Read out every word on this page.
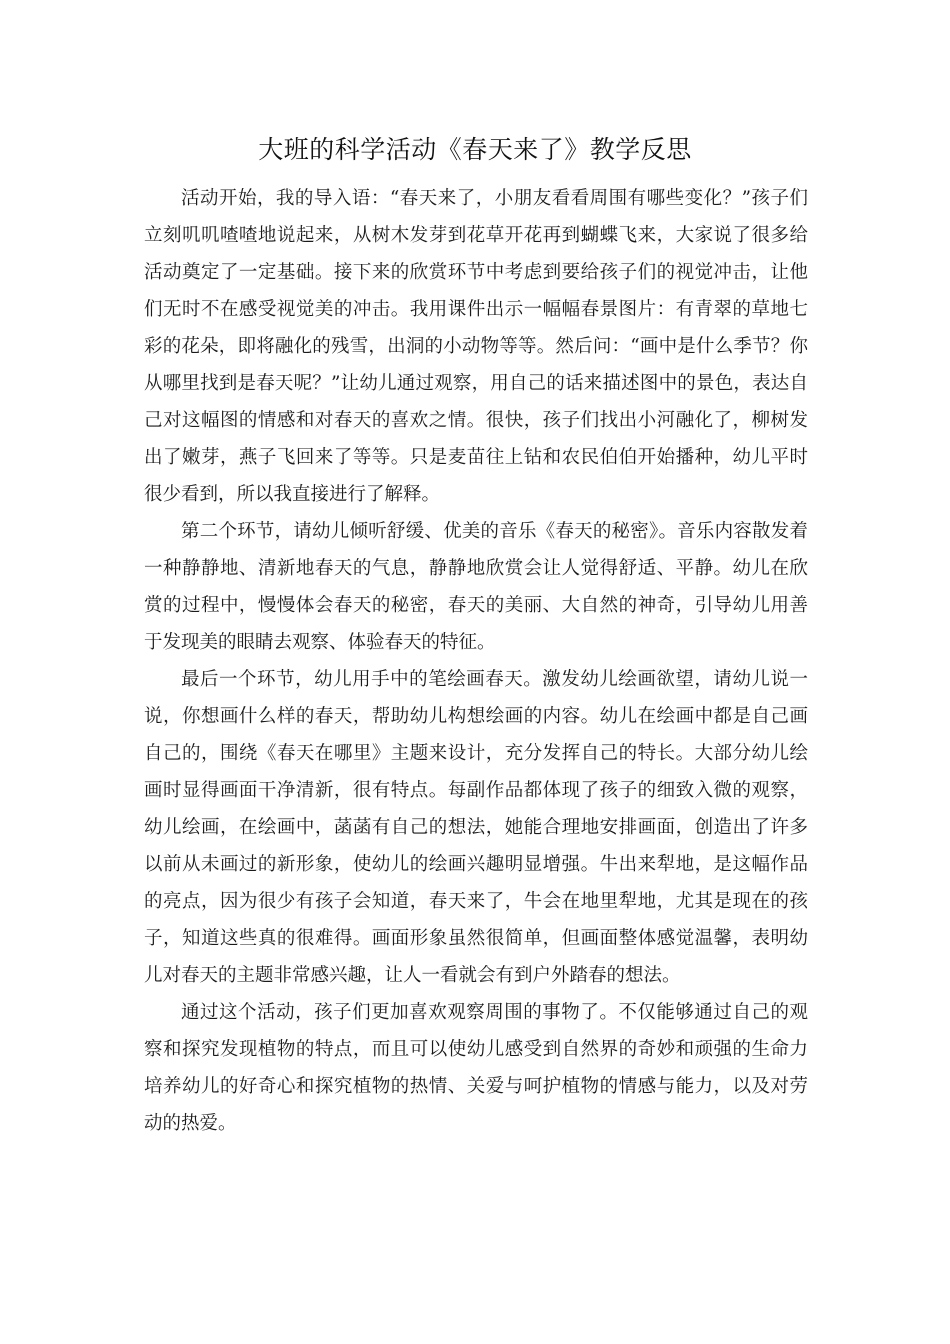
大班的科学活动《春天来了》教学反思

活动开始，我的导入语：“春天来了，小朋友看看周围有哪些变化？”孩子们立刻叽叽喳喳地说起来，从树木发芽到花草开花再到蝴蝶飞来，大家说了很多给活动奠定了一定基础。接下来的欣赏环节中考虑到要给孩子们的视觉冲击，让他们无时不在感受视觉美的冲击。我用课件出示一幅幅春景图片：有青翠的草地七彩的花朵，即将融化的残雪，出洞的小动物等等。然后问：“画中是什么季节？你从哪里找到是春天呢？”让幼儿通过观察，用自己的话来描述图中的景色，表达自己对这幅图的情感和对春天的喜欢之情。很快，孩子们找出小河融化了，柳树发出了嫩芽，燕子飞回来了等等。只是麦苗往上钻和农民伯伯开始播种，幼儿平时很少看到，所以我直接进行了解释。

第二个环节，请幼儿倾听舒缓、优美的音乐《春天的秘密》。音乐内容散发着一种静静地、清新地春天的气息，静静地欣赏会让人觉得舒适、平静。幼儿在欣赏的过程中，慢慢体会春天的秘密，春天的美丽、大自然的神奇，引导幼儿用善于发现美的眼睛去观察、体验春天的特征。

最后一个环节，幼儿用手中的笔绘画春天。激发幼儿绘画欲望，请幼儿说一说，你想画什么样的春天，帮助幼儿构想绘画的内容。幼儿在绘画中都是自己画自己的，围绕《春天在哪里》主题来设计，充分发挥自己的特长。大部分幼儿绘画时显得画面干净清新，很有特点。每副作品都体现了孩子的细致入微的观察，幼儿绘画，在绘画中，菡菡有自己的想法，她能合理地安排画面，创造出了许多以前从未画过的新形象，使幼儿的绘画兴趣明显增强。牛出来犁地，是这幅作品的亮点，因为很少有孩子会知道，春天来了，牛会在地里犁地，尤其是现在的孩子，知道这些真的很难得。画面形象虽然很简单，但画面整体感觉温馨，表明幼儿对春天的主题非常感兴趣，让人一看就会有到户外踏春的想法。

通过这个活动，孩子们更加喜欢观察周围的事物了。不仅能够通过自己的观察和探究发现植物的特点，而且可以使幼儿感受到自然界的奇妙和顽强的生命力培养幼儿的好奇心和探究植物的热情、关爱与呵护植物的情感与能力，以及对劳动的热爱。
